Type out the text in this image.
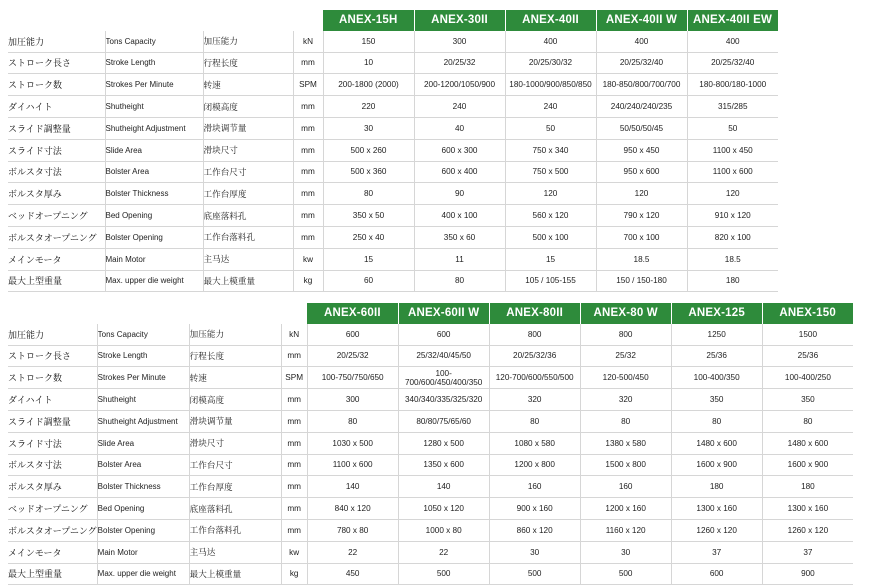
				ANEX-15H	ANEX-30II	ANEX-40II	ANEX-40II W	ANEX-40II EW
加圧能力	Tons Capacity	加压能力	kN	150	300	400	400	400
ストローク長さ	Stroke Length	行程长度	mm	10	20/25/32	20/25/30/32	20/25/32/40	20/25/32/40
ストローク数	Strokes Per Minute	转速	SPM	200-1800 (2000)	200-1200/1050/900	180-1000/900/850/850	180-850/800/700/700	180-800/180-1000
ダイハイト	Shutheight	闭模高度	mm	220	240	240	240/240/240/235	315/285
スライド調整量	Shutheight Adjustment	滑块调节量	mm	30	40	50	50/50/50/45	50
スライド寸法	Slide Area	滑块尺寸	mm	500 x 260	600 x 300	750 x 340	950 x 450	1100 x 450
ボルスタ寸法	Bolster Area	工作台尺寸	mm	500 x 360	600 x 400	750 x 500	950 x 600	1100 x 600
ボルスタ厚み	Bolster Thickness	工作台厚度	mm	80	90	120	120	120
ベッドオープニング	Bed Opening	底座落料孔	mm	350 x 50	400 x 100	560 x 120	790 x 120	910 x 120
ボルスタオープニング	Bolster Opening	工作台落料孔	mm	250 x 40	350 x 60	500 x 100	700 x 100	820 x 100
メインモータ	Main Motor	主马达	kw	15	11	15	18.5	18.5
最大上型重量	Max. upper die weight	最大上模重量	kg	60	80	105 / 105-155	150 / 150-180	180
				ANEX-60II	ANEX-60II W	ANEX-80II	ANEX-80 W	ANEX-125	ANEX-150
加圧能力	Tons Capacity	加压能力	kN	600	600	800	800	1250	1500
ストローク長さ	Stroke Length	行程长度	mm	20/25/32	25/32/40/45/50	20/25/32/36	25/32	25/36	25/36
ストローク数	Strokes Per Minute	转速	SPM	100-750/750/650	100-700/600/450/400/350	120-700/600/550/500	120-500/450	100-400/350	100-400/250
ダイハイト	Shutheight	闭模高度	mm	300	340/340/335/325/320	320	320	350	350
スライド調整量	Shutheight Adjustment	滑块调节量	mm	80	80/80/75/65/60	80	80	80	80
スライド寸法	Slide Area	滑块尺寸	mm	1030 x 500	1280 x 500	1080 x 580	1380 x 580	1480 x 600	1480 x 600
ボルスタ寸法	Bolster Area	工作台尺寸	mm	1100 x 600	1350 x 600	1200 x 800	1500 x 800	1600 x 900	1600 x 900
ボルスタ厚み	Bolster Thickness	工作台厚度	mm	140	140	160	160	180	180
ベッドオープニング	Bed Opening	底座落料孔	mm	840 x 120	1050 x 120	900 x 160	1200 x 160	1300 x 160	1300 x 160
ボルスタオープニング	Bolster Opening	工作台落料孔	mm	780 x 80	1000 x 80	860 x 120	1160 x 120	1260 x 120	1260 x 120
メインモータ	Main Motor	主马达	kw	22	22	30	30	37	37
最大上型重量	Max. upper die weight	最大上模重量	kg	450	500	500	500	600	900
